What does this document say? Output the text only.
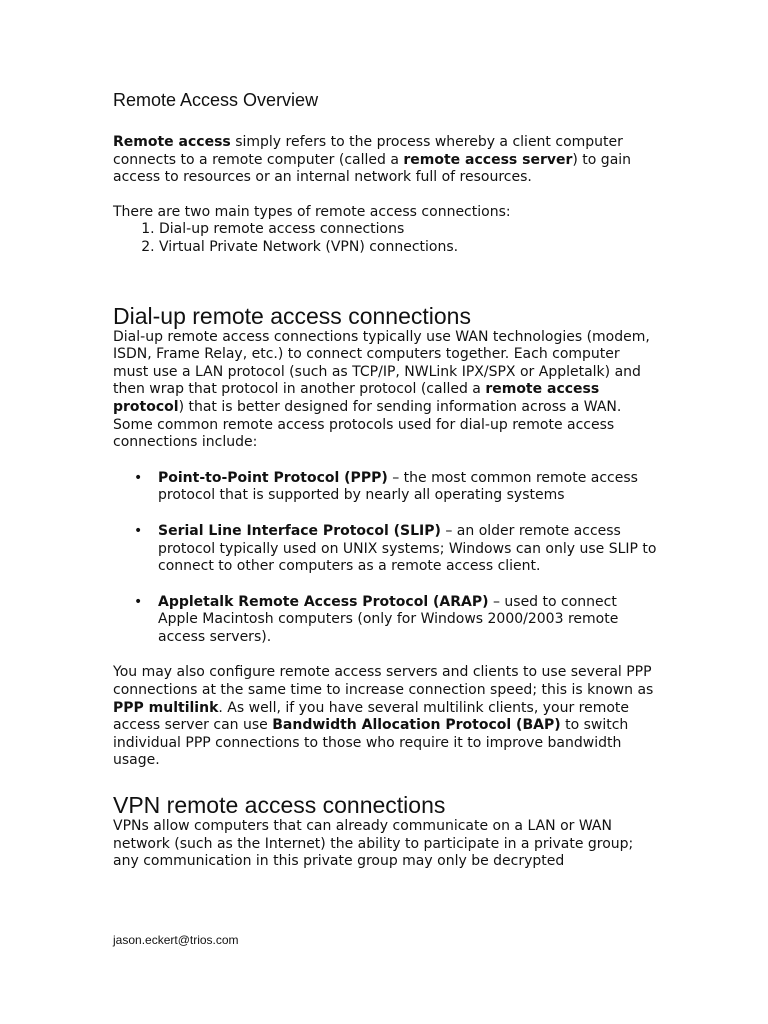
Remote Access Overview

Remote access simply refers to the process whereby a client computer connects to a remote computer (called a remote access server) to gain access to resources or an internal network full of resources.

There are two main types of remote access connections:

1. Dial-up remote access connections
2. Virtual Private Network (VPN) connections.
Dial-up remote access connections

Dial-up remote access connections typically use WAN technologies (modem, ISDN, Frame Relay, etc.) to connect computers together. Each computer must use a LAN protocol (such as TCP/IP, NWLink IPX/SPX or Appletalk) and then wrap that protocol in another protocol (called a remote access protocol) that is better designed for sending information across a WAN. Some common remote access protocols used for dial-up remote access connections include:

• Point-to-Point Protocol (PPP) – the most common remote access protocol that is supported by nearly all operating systems
• Serial Line Interface Protocol (SLIP) – an older remote access protocol typically used on UNIX systems; Windows can only use SLIP to connect to other computers as a remote access client.
• Appletalk Remote Access Protocol (ARAP) – used to connect Apple Macintosh computers (only for Windows 2000/2003 remote access servers).

You may also configure remote access servers and clients to use several PPP connections at the same time to increase connection speed; this is known as PPP multilink. As well, if you have several multilink clients, your remote access server can use Bandwidth Allocation Protocol (BAP) to switch individual PPP connections to those who require it to improve bandwidth usage.

VPN remote access connections

VPNs allow computers that can already communicate on a LAN or WAN network (such as the Internet) the ability to participate in a private group; any communication in this private group may only be decrypted

jason.eckert@trios.com
